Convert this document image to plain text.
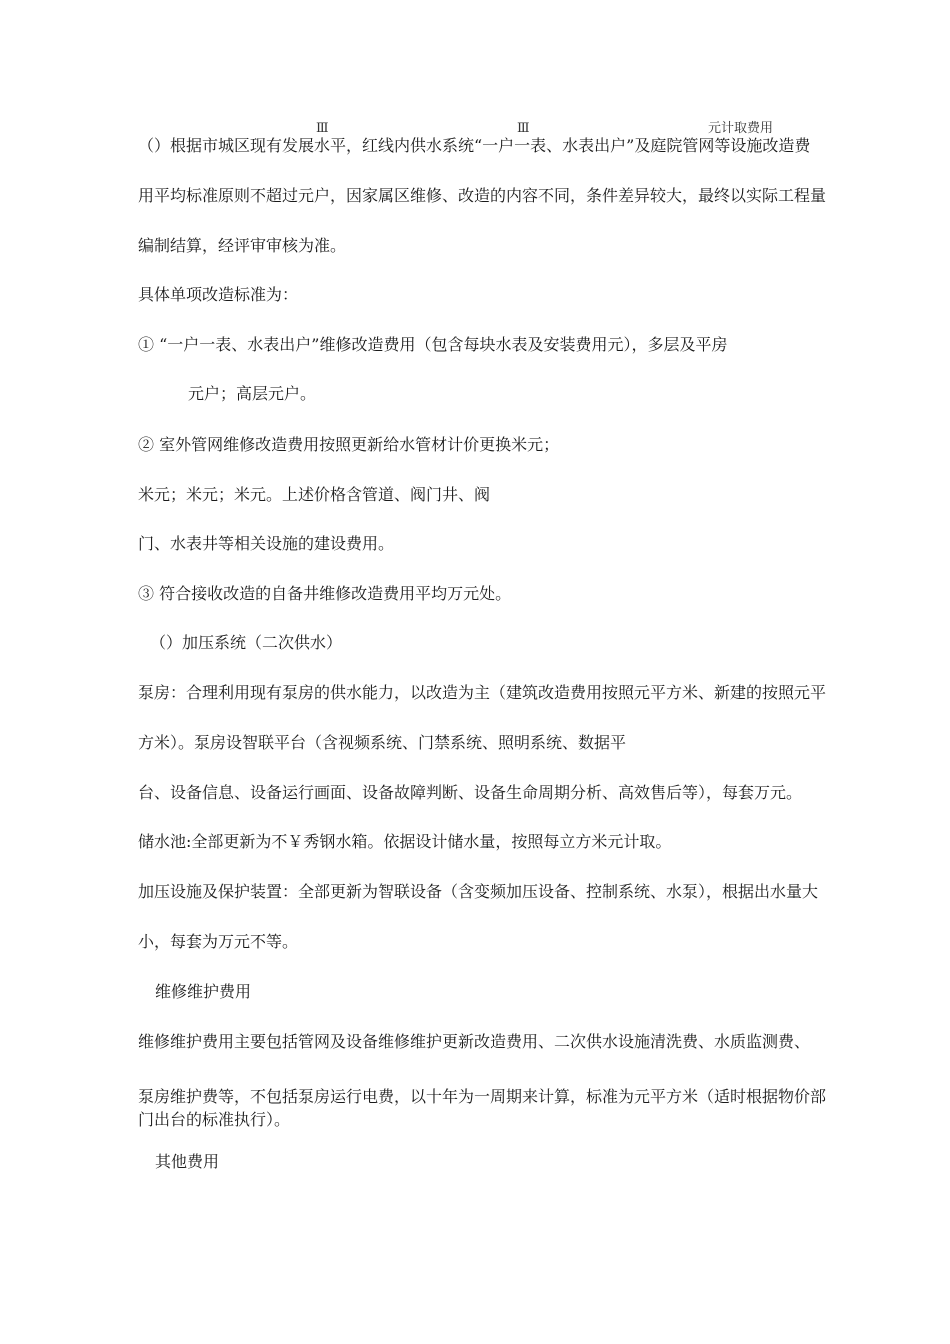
Ⅲ	Ⅲ	元计取费用
（）根据市城区现有发展水平，红线内供水系统“一户一表、水表出户”及庭院管网等设施改造费
用平均标准原则不超过元户，因家属区维修、改造的内容不同，条件差异较大，最终以实际工程量
编制结算，经评审审核为准。
具体单项改造标准为：
① “一户一表、水表出户”维修改造费用（包含每块水表及安装费用元），多层及平房
元户；高层元户。
② 室外管网维修改造费用按照更新给水管材计价更换米元；
米元；米元；米元。上述价格含管道、阀门井、阀
门、水表井等相关设施的建设费用。
③ 符合接收改造的自备井维修改造费用平均万元处。
（）加压系统（二次供水）
泵房：合理利用现有泵房的供水能力，以改造为主（建筑改造费用按照元平方米、新建的按照元平
方米）。泵房设智联平台（含视频系统、门禁系统、照明系统、数据平
台、设备信息、设备运行画面、设备故障判断、设备生命周期分析、高效售后等），每套万元。
储水池:全部更新为不￥秀钢水箱。依据设计储水量，按照每立方米元计取。
加压设施及保护装置：全部更新为智联设备（含变频加压设备、控制系统、水泵），根据出水量大
小，每套为万元不等。
维修维护费用
维修维护费用主要包括管网及设备维修维护更新改造费用、二次供水设施清洗费、水质监测费、
泵房维护费等，不包括泵房运行电费，以十年为一周期来计算，标准为元平方米（适时根据物价部
门出台的标准执行）。
其他费用
